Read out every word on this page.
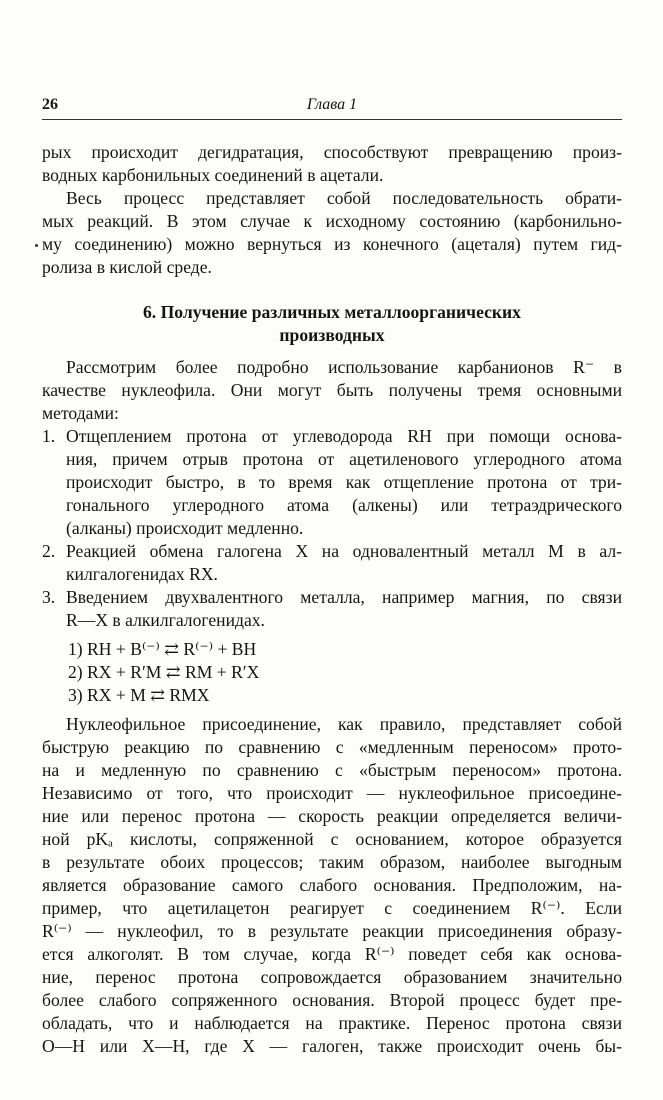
26	Глава 1
рых происходит дегидратация, способствуют превращению произ-
водных карбонильных соединений в ацетали.
Весь процесс представляет собой последовательность обрати-
мых реакций. В этом случае к исходному состоянию (карбонильно-
му соединению) можно вернуться из конечного (ацеталя) путем гид-
ролиза в кислой среде.
6. Получение различных металлоорганических
производных
Рассмотрим более подробно использование карбанионов R⁻ в
качестве нуклеофила. Они могут быть получены тремя основными
методами:
1. Отщеплением протона от углеводорода RH при помощи основа-
ния, причем отрыв протона от ацетиленового углеродного атома
происходит быстро, в то время как отщепление протона от три-
гонального углеродного атома (алкены) или тетраэдрического
(алканы) происходит медленно.
2. Реакцией обмена галогена X на одновалентный металл M в ал-
килгалогенидах RX.
3. Введением двухвалентного металла, например магния, по связи
R—X в алкилгалогенидах.
1) RH + B⁽⁻⁾ ⇄ R⁽⁻⁾ + BH
2) RX + R′M ⇄ RM + R′X
3) RX + M ⇄ RMX
Нуклеофильное присоединение, как правило, представляет собой
быструю реакцию по сравнению с «медленным переносом» прото-
на и медленную по сравнению с «быстрым переносом» протона.
Независимо от того, что происходит — нуклеофильное присоедине-
ние или перенос протона — скорость реакции определяется величи-
ной pKₐ кислоты, сопряженной с основанием, которое образуется
в результате обоих процессов; таким образом, наиболее выгодным
является образование самого слабого основания. Предположим, на-
пример, что ацетилацетон реагирует с соединением R⁽⁻⁾. Если
R⁽⁻⁾ — нуклеофил, то в результате реакции присоединения образу-
ется алкоголят. В том случае, когда R⁽⁻⁾ поведет себя как основа-
ние, перенос протона сопровождается образованием значительно
более слабого сопряженного основания. Второй процесс будет пре-
обладать, что и наблюдается на практике. Перенос протона связи
O—H или X—H, где X — галоген, также происходит очень бы-
